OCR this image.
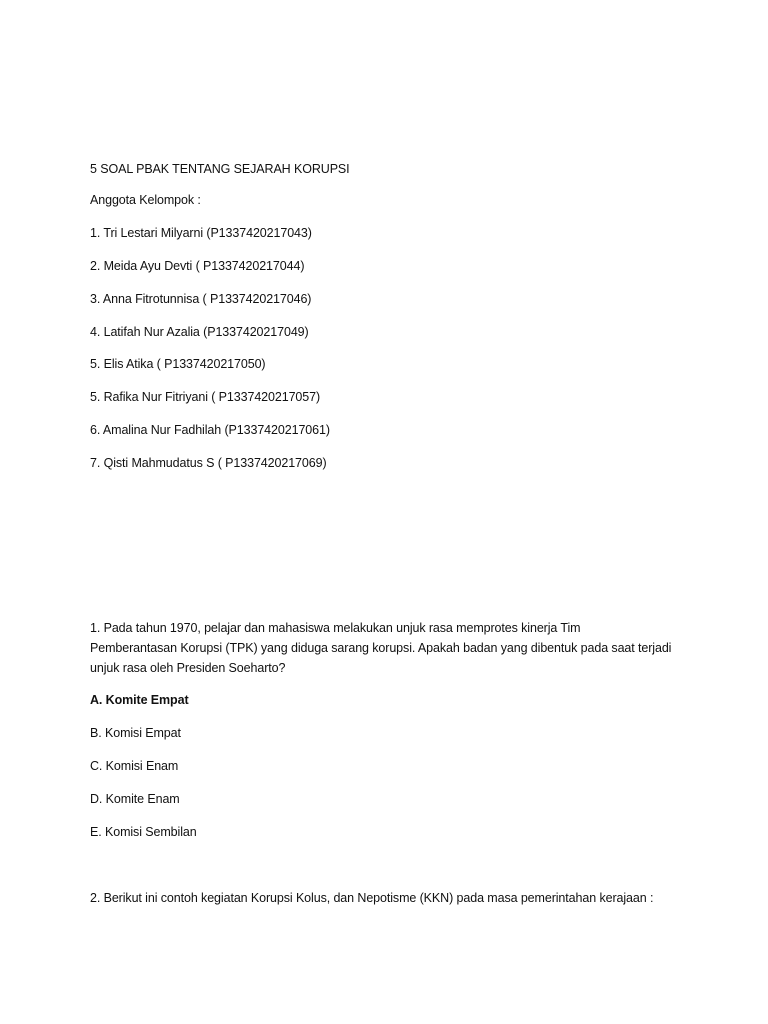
5 SOAL PBAK TENTANG SEJARAH KORUPSI
Anggota Kelompok :
1. Tri Lestari Milyarni (P1337420217043)
2. Meida Ayu Devti ( P1337420217044)
3. Anna Fitrotunnisa ( P1337420217046)
4. Latifah Nur Azalia (P1337420217049)
5. Elis Atika ( P1337420217050)
5. Rafika Nur Fitriyani ( P1337420217057)
6. Amalina Nur Fadhilah (P1337420217061)
7. Qisti Mahmudatus S ( P1337420217069)
1. Pada tahun 1970, pelajar dan mahasiswa melakukan unjuk rasa memprotes kinerja Tim
Pemberantasan Korupsi (TPK) yang diduga sarang korupsi. Apakah badan yang dibentuk pada saat terjadi
unjuk rasa oleh Presiden Soeharto?
A. Komite Empat
B. Komisi Empat
C. Komisi Enam
D. Komite Enam
E. Komisi Sembilan
2. Berikut ini contoh kegiatan Korupsi Kolus, dan Nepotisme (KKN) pada masa pemerintahan kerajaan :
